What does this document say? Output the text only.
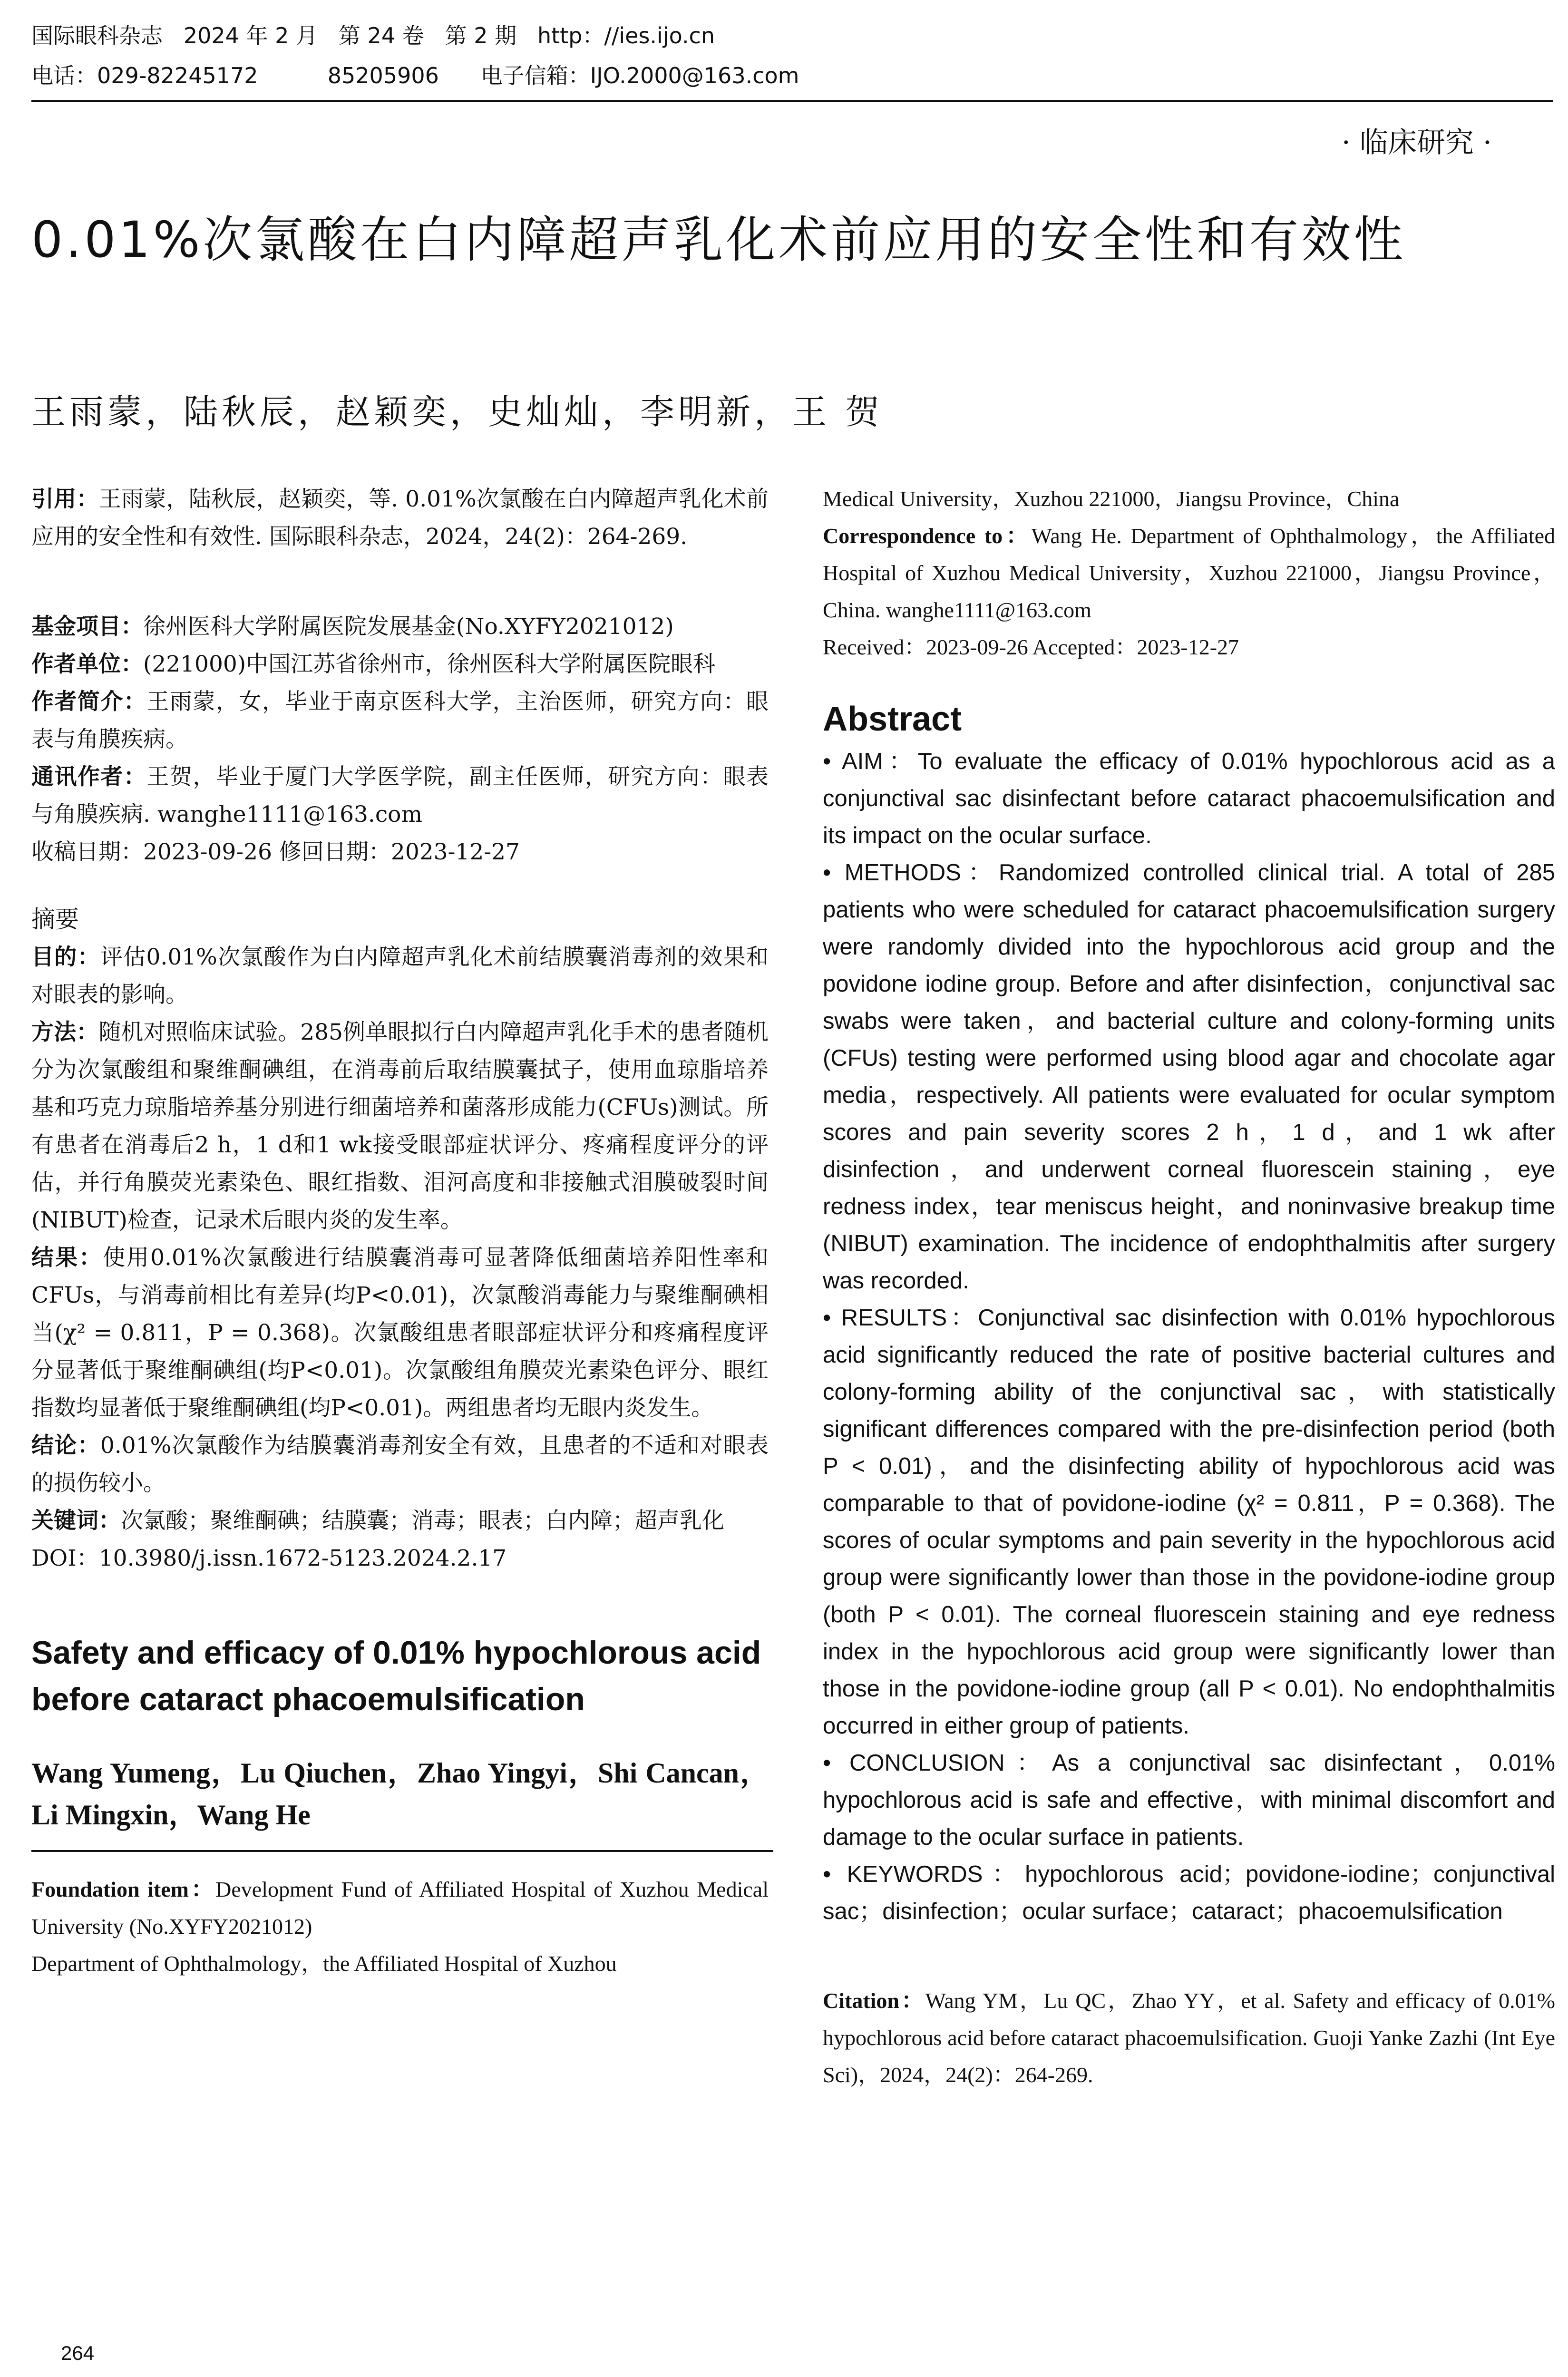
国际眼科杂志   2024 年 2 月   第 24 卷   第 2 期   http：//ies.ijo.cn
电话：029-82245172          85205906      电子信箱：IJO.2000@163.com
· 临床研究 ·
0.01%次氯酸在白内障超声乳化术前应用的安全性和有效性
王雨蒙，陆秋辰，赵颖奕，史灿灿，李明新，王 贺

引用：王雨蒙，陆秋辰，赵颖奕，等. 0.01%次氯酸在白内障超声乳化术前应用的安全性和有效性. 国际眼科杂志，2024，24(2)：264-269.

基金项目：徐州医科大学附属医院发展基金(No.XYFY2021012)

作者单位：(221000)中国江苏省徐州市，徐州医科大学附属医院眼科

作者简介：王雨蒙，女，毕业于南京医科大学，主治医师，研究方向：眼表与角膜疾病。

通讯作者：王贺，毕业于厦门大学医学院，副主任医师，研究方向：眼表与角膜疾病. wanghe1111@163.com

收稿日期：2023-09-26 修回日期：2023-12-27

摘要

目的：评估0.01%次氯酸作为白内障超声乳化术前结膜囊消毒剂的效果和对眼表的影响。

方法：随机对照临床试验。285例单眼拟行白内障超声乳化手术的患者随机分为次氯酸组和聚维酮碘组，在消毒前后取结膜囊拭子，使用血琼脂培养基和巧克力琼脂培养基分别进行细菌培养和菌落形成能力(CFUs)测试。所有患者在消毒后2 h，1 d和1 wk接受眼部症状评分、疼痛程度评分的评估，并行角膜荧光素染色、眼红指数、泪河高度和非接触式泪膜破裂时间(NIBUT)检查，记录术后眼内炎的发生率。

结果：使用0.01%次氯酸进行结膜囊消毒可显著降低细菌培养阳性率和CFUs，与消毒前相比有差异(均P<0.01)，次氯酸消毒能力与聚维酮碘相当(χ² = 0.811，P = 0.368)。次氯酸组患者眼部症状评分和疼痛程度评分显著低于聚维酮碘组(均P<0.01)。次氯酸组角膜荧光素染色评分、眼红指数均显著低于聚维酮碘组(均P<0.01)。两组患者均无眼内炎发生。

结论：0.01%次氯酸作为结膜囊消毒剂安全有效，且患者的不适和对眼表的损伤较小。

关键词：次氯酸；聚维酮碘；结膜囊；消毒；眼表；白内障；超声乳化

DOI：10.3980/j.issn.1672-5123.2024.2.17

Safety and efficacy of 0.01% hypochlorous acid before cataract phacoemulsification

Wang Yumeng，Lu Qiuchen，Zhao Yingyi，Shi Cancan，Li Mingxin，Wang He

Foundation item：Development Fund of Affiliated Hospital of Xuzhou Medical University (No.XYFY2021012)

Department of Ophthalmology，the Affiliated Hospital of Xuzhou

Medical University，Xuzhou 221000，Jiangsu Province，China

Correspondence to：Wang He. Department of Ophthalmology，the Affiliated Hospital of Xuzhou Medical University，Xuzhou 221000，Jiangsu Province，China. wanghe1111@163.com

Received：2023-09-26 Accepted：2023-12-27

Abstract

• AIM：To evaluate the efficacy of 0.01% hypochlorous acid as a conjunctival sac disinfectant before cataract phacoemulsification and its impact on the ocular surface.

• METHODS：Randomized controlled clinical trial. A total of 285 patients who were scheduled for cataract phacoemulsification surgery were randomly divided into the hypochlorous acid group and the povidone iodine group. Before and after disinfection，conjunctival sac swabs were taken，and bacterial culture and colony-forming units (CFUs) testing were performed using blood agar and chocolate agar media，respectively. All patients were evaluated for ocular symptom scores and pain severity scores 2 h，1 d，and 1 wk after disinfection，and underwent corneal fluorescein staining，eye redness index，tear meniscus height，and noninvasive breakup time (NIBUT) examination. The incidence of endophthalmitis after surgery was recorded.

• RESULTS：Conjunctival sac disinfection with 0.01% hypochlorous acid significantly reduced the rate of positive bacterial cultures and colony-forming ability of the conjunctival sac，with statistically significant differences compared with the pre-disinfection period (both P < 0.01)，and the disinfecting ability of hypochlorous acid was comparable to that of povidone-iodine (χ² = 0.811，P = 0.368). The scores of ocular symptoms and pain severity in the hypochlorous acid group were significantly lower than those in the povidone-iodine group (both P < 0.01). The corneal fluorescein staining and eye redness index in the hypochlorous acid group were significantly lower than those in the povidone-iodine group (all P < 0.01). No endophthalmitis occurred in either group of patients.

• CONCLUSION：As a conjunctival sac disinfectant，0.01% hypochlorous acid is safe and effective，with minimal discomfort and damage to the ocular surface in patients.

• KEYWORDS：hypochlorous acid；povidone-iodine；conjunctival sac；disinfection；ocular surface；cataract；phacoemulsification

Citation：Wang YM，Lu QC，Zhao YY，et al. Safety and efficacy of 0.01% hypochlorous acid before cataract phacoemulsification. Guoji Yanke Zazhi (Int Eye Sci)，2024，24(2)：264-269.

264
